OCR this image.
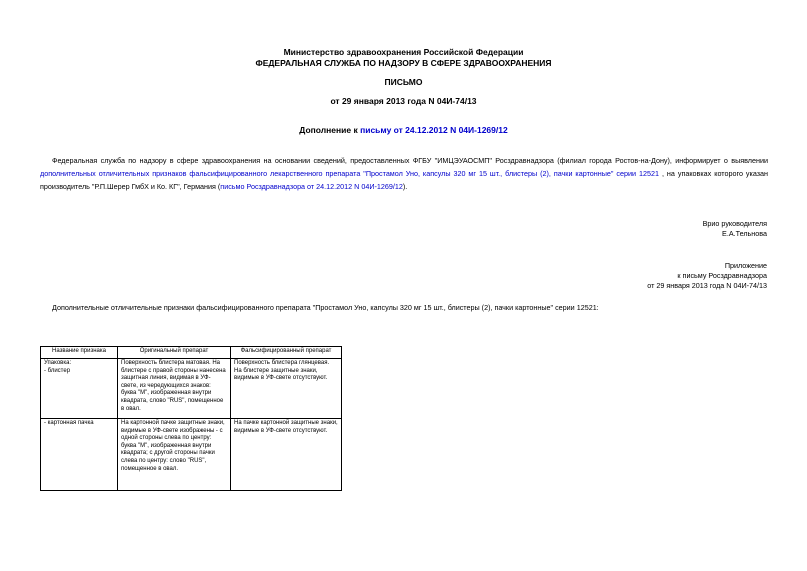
Министерство здравоохранения Российской Федерации
ФЕДЕРАЛЬНАЯ СЛУЖБА ПО НАДЗОРУ В СФЕРЕ ЗДРАВООХРАНЕНИЯ
ПИСЬМО
от 29 января 2013 года N 04И-74/13
Дополнение к письму от 24.12.2012 N 04И-1269/12
Федеральная служба по надзору в сфере здравоохранения на основании сведений, предоставленных ФГБУ "ИМЦЭУАОСМП" Росздравнадзора (филиал города Ростов-на-Дону), информирует о выявлении дополнительных отличительных признаков фальсифицированного лекарственного препарата "Простамол Уно, капсулы 320 мг 15 шт., блистеры (2), пачки картонные" серии 12521 , на упаковках которого указан производитель "Р.П.Шерер ГмбХ и Ко. КГ", Германия (письмо Росздравнадзора от 24.12.2012 N 04И-1269/12).
Врио руководителя
Е.А.Тельнова
Приложение
к письму Росздравнадзора
от 29 января 2013 года N 04И-74/13
Дополнительные отличительные признаки фальсифицированного препарата "Простамол Уно, капсулы 320 мг 15 шт., блистеры (2), пачки картонные" серии 12521:
Название признака	Оригинальный препарат	Фальсифицированный препарат

Упаковка:
- блистер	Поверхность блистера матовая. На блистере с правой стороны нанесена защитная линия, видимая в УФ-свете, из чередующихся знаков: буква "М", изображенная внутри квадрата, слово "RUS", помещенное в овал.	Поверхность блистера глянцевая. На блистере защитные знаки, видимые в УФ-свете отсутствуют.

- картонная пачка	На картонной пачке защитные знаки, видимые в УФ-свете изображены - с одной стороны слева по центру: буква "М", изображенная внутри квадрата; с другой стороны пачки слева по центру: слово "RUS", помещенное в овал.	На пачке картонной защитные знаки, видимые в УФ-свете отсутствуют.
